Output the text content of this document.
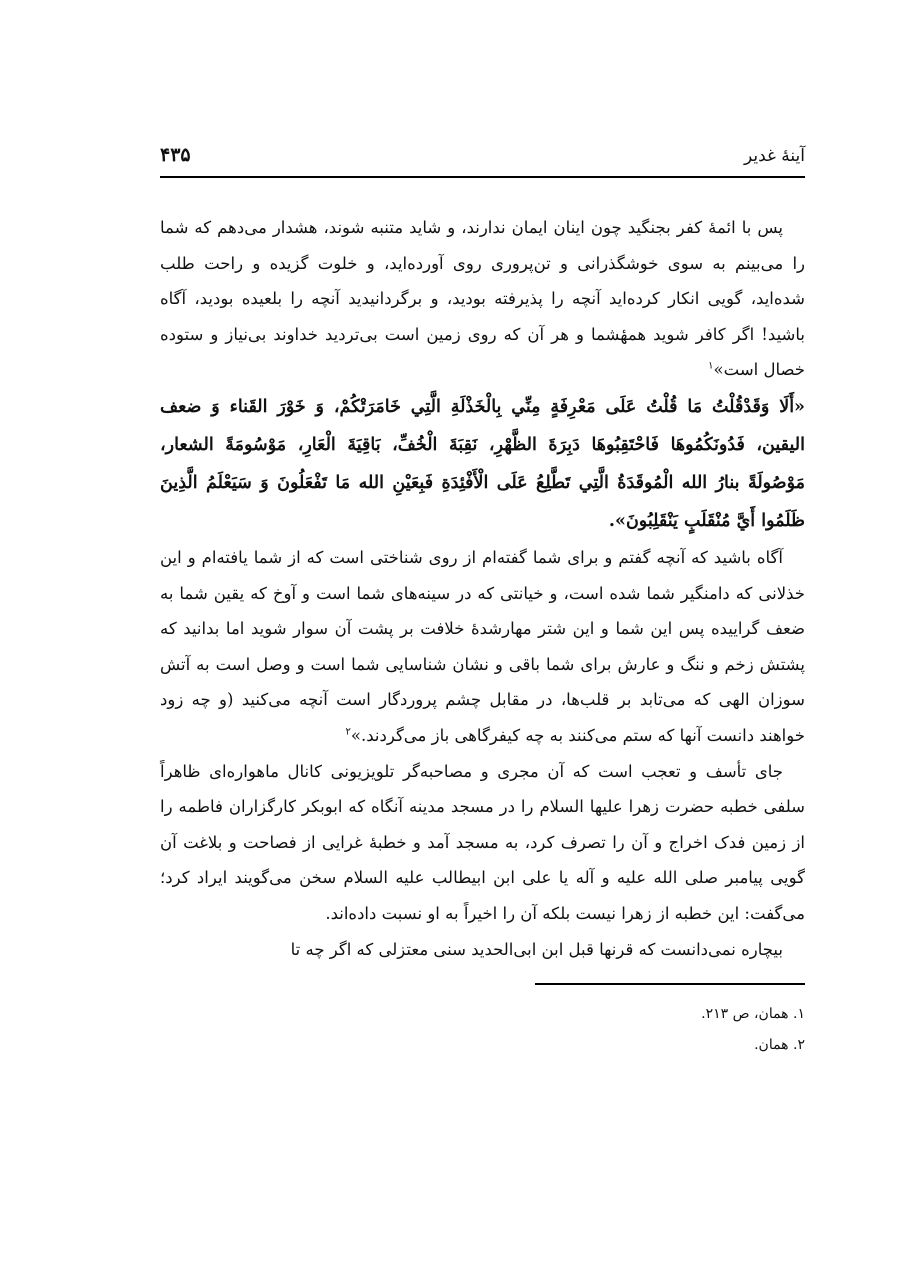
آینهٔ غدیر
۴۳۵

پس با ائمهٔ کفر بجنگید چون اینان ایمان ندارند، و شاید متنبه شوند، هشدار می‌دهم که شما را می‌بینم به سوی خوشگذرانی و تن‌پروری روی آورده‌اید، و خلوت گزیده و راحت طلب شده‌اید، گویی انکار کرده‌اید آنچه را پذیرفته بودید، و برگردانیدید آنچه را بلعیده بودید، آگاه باشید! اگر کافر شوید همهٔشما و هر آن که روی زمین است بی‌تردید خداوند بی‌نیاز و ستوده خصال است»$^۱$

«أَلَا وَقَدْقُلْتُ مَا قُلْتُ عَلَى مَعْرِفَةٍ مِنِّي بِالْخَذْلَةِ الَّتِي خَامَرَتْكُمْ، وَ خَوْرَ القَناء وَ ضعف اليقين، فَدُونَكُمُوهَا فَاحْتَقِبُوهَا دَبِرَةَ الظَّهْرِ، نَقِبَةَ الْخُفِّ، بَاقِيَةَ الْعَارِ، مَوْسُومَةً الشعار، مَوْصُولَةً بنارُ الله الْمُوقَدَةُ الَّتِي تَطَّلِعُ عَلَى الْأَفْئِدَةِ فَبِعَيْنِ الله مَا تَفْعَلُونَ وَ سَيَعْلَمُ الَّذِينَ ظَلَمُوا أَيَّ مُنْقَلَبٍ يَنْقَلِبُونَ».

آگاه باشید که آنچه گفتم و برای شما گفته‌ام از روی شناختی است که از شما یافته‌ام و این خذلانی که دامنگیر شما شده است، و خیانتی که در سینه‌های شما است و آوخ که یقین شما به ضعف گراییده پس این شما و این شتر مهارشدهٔ خلافت بر پشت آن سوار شوید اما بدانید که پشتش زخم و ننگ و عارش برای شما باقی و نشان شناسایی شما است و وصل است به آتش سوزان الهی که می‌تابد بر قلب‌ها، در مقابل چشم پروردگار است آنچه می‌کنید (و چه زود خواهند دانست آنها که ستم می‌کنند به چه کیفرگاهی باز می‌گردند.»$^۲$

جای تأسف و تعجب است که آن مجری و مصاحبه‌گر تلویزیونی کانال ماهواره‌ای ظاهراً سلفی خطبه حضرت زهرا عليها السلام را در مسجد مدینه آنگاه که ابوبکر کارگزاران فاطمه را از زمین فدک اخراج و آن را تصرف کرد، به مسجد آمد و خطبهٔ غرایی از فصاحت و بلاغت آن گویی پیامبر صلی الله علیه و آله یا علی ابن ابیطالب عليه السلام سخن می‌گویند ایراد کرد؛ می‌گفت: این خطبه از زهرا نیست بلکه آن را اخیراً به او نسبت داده‌اند.

بیچاره نمی‌دانست که قرنها قبل ابن ابی‌الحدید سنی معتزلی که اگر چه تا

۱. همان، ص ۲۱۳.
۲. همان.
